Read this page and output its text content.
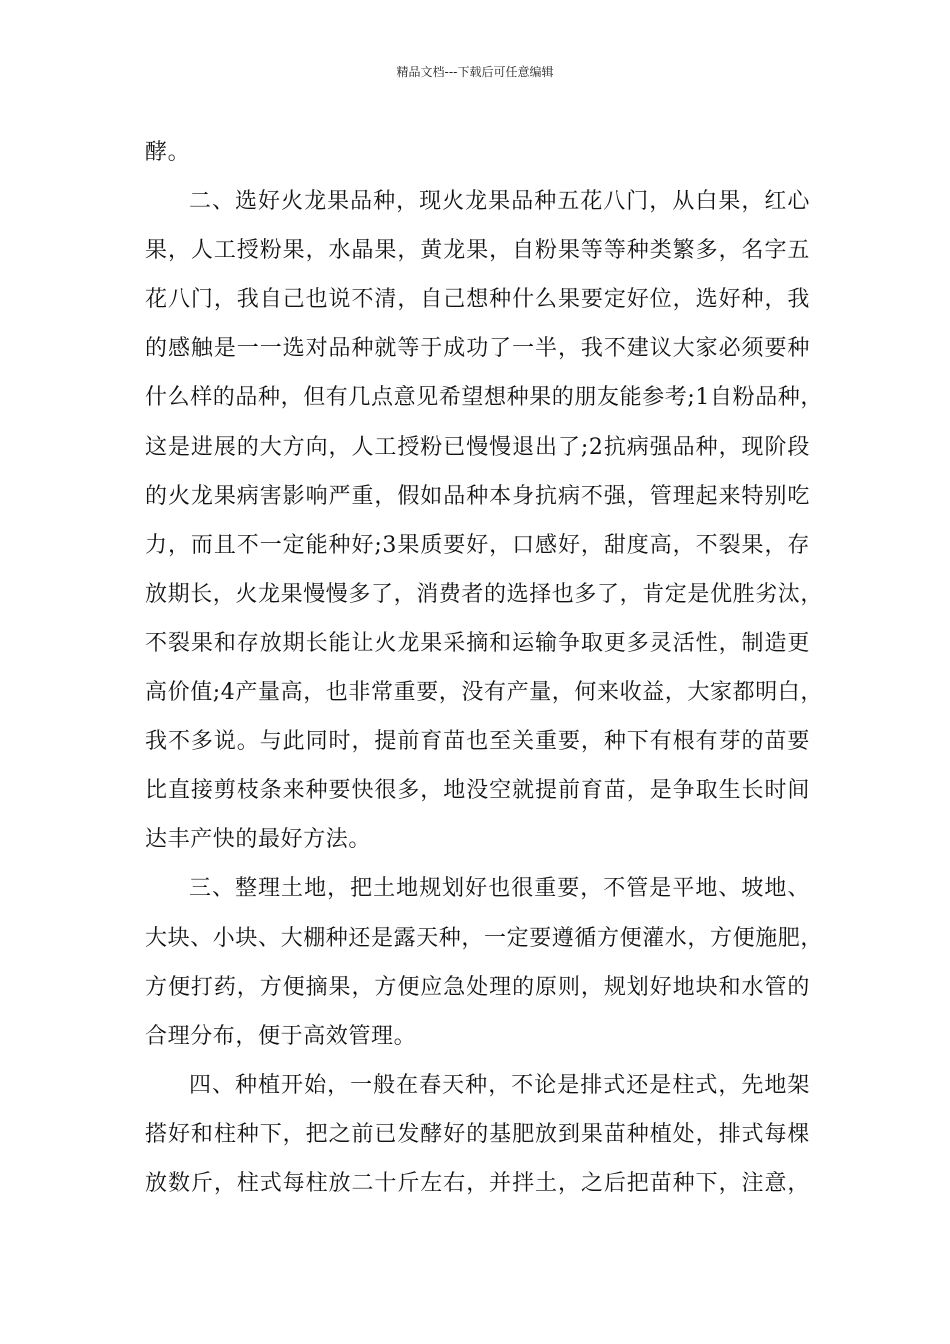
精品文档---下载后可任意编辑
酵。
二、选好火龙果品种，现火龙果品种五花八门，从白果，红心
果，人工授粉果，水晶果，黄龙果，自粉果等等种类繁多，名字五
花八门，我自己也说不清，自己想种什么果要定好位，选好种，我
的感触是一一选对品种就等于成功了一半，我不建议大家必须要种
什么样的品种，但有几点意见希望想种果的朋友能参考;1自粉品种，
这是进展的大方向，人工授粉已慢慢退出了;2抗病强品种，现阶段
的火龙果病害影响严重，假如品种本身抗病不强，管理起来特别吃
力，而且不一定能种好;3果质要好，口感好，甜度高，不裂果，存
放期长，火龙果慢慢多了，消费者的选择也多了，肯定是优胜劣汰，
不裂果和存放期长能让火龙果采摘和运输争取更多灵活性，制造更
高价值;4产量高，也非常重要，没有产量，何来收益，大家都明白，
我不多说。与此同时，提前育苗也至关重要，种下有根有芽的苗要
比直接剪枝条来种要快很多，地没空就提前育苗，是争取生长时间
达丰产快的最好方法。
三、整理土地，把土地规划好也很重要，不管是平地、坡地、
大块、小块、大棚种还是露天种，一定要遵循方便灌水，方便施肥，
方便打药，方便摘果，方便应急处理的原则，规划好地块和水管的
合理分布，便于高效管理。
四、种植开始，一般在春天种，不论是排式还是柱式，先地架
搭好和柱种下，把之前已发酵好的基肥放到果苗种植处，排式每棵
放数斤，柱式每柱放二十斤左右，并拌土，之后把苗种下，注意，
